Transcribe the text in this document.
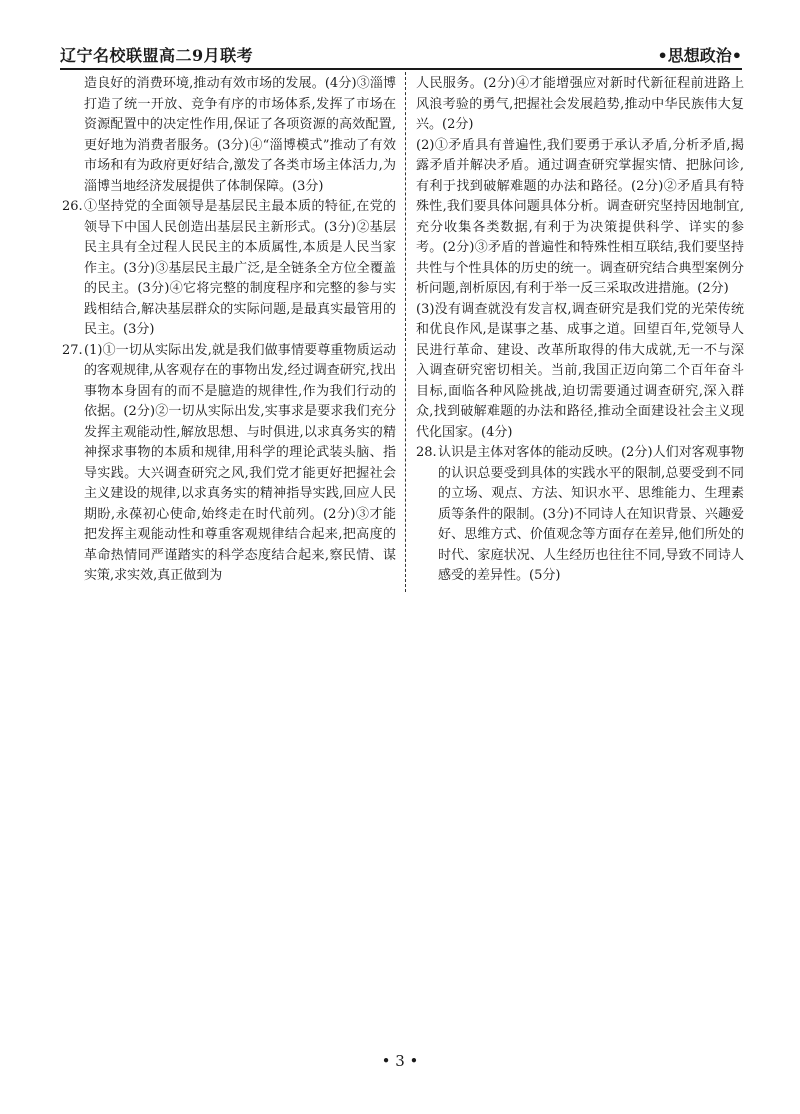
辽宁名校联盟高二9月联考	•思想政治•

造良好的消费环境,推动有效市场的发展。(4分)③淄博打造了统一开放、竞争有序的市场体系,发挥了市场在资源配置中的决定性作用,保证了各项资源的高效配置,更好地为消费者服务。(3分)④“淄博模式”推动了有效市场和有为政府更好结合,激发了各类市场主体活力,为淄博当地经济发展提供了体制保障。(3分)

26. ①坚持党的全面领导是基层民主最本质的特征,在党的领导下中国人民创造出基层民主新形式。(3分)②基层民主具有全过程人民民主的本质属性,本质是人民当家作主。(3分)③基层民主最广泛,是全链条全方位全覆盖的民主。(3分)④它将完整的制度程序和完整的参与实践相结合,解决基层群众的实际问题,是最真实最管用的民主。(3分)
27. (1)①一切从实际出发,就是我们做事情要尊重物质运动的客观规律,从客观存在的事物出发,经过调查研究,找出事物本身固有的而不是臆造的规律性,作为我们行动的依据。(2分)②一切从实际出发,实事求是要求我们充分发挥主观能动性,解放思想、与时俱进,以求真务实的精神探求事物的本质和规律,用科学的理论武装头脑、指导实践。大兴调查研究之风,我们党才能更好把握社会主义建设的规律,以求真务实的精神指导实践,回应人民期盼,永葆初心使命,始终走在时代前列。(2分)③才能把发挥主观能动性和尊重客观规律结合起来,把高度的革命热情同严谨踏实的科学态度结合起来,察民情、谋实策,求实效,真正做到为

人民服务。(2分)④才能增强应对新时代新征程前进路上风浪考验的勇气,把握社会发展趋势,推动中华民族伟大复兴。(2分)

(2)①矛盾具有普遍性,我们要勇于承认矛盾,分析矛盾,揭露矛盾并解决矛盾。通过调查研究掌握实情、把脉问诊,有利于找到破解难题的办法和路径。(2分)②矛盾具有特殊性,我们要具体问题具体分析。调查研究坚持因地制宜,充分收集各类数据,有利于为决策提供科学、详实的参考。(2分)③矛盾的普遍性和特殊性相互联结,我们要坚持共性与个性具体的历史的统一。调查研究结合典型案例分析问题,剖析原因,有利于举一反三采取改进措施。(2分)

(3)没有调查就没有发言权,调查研究是我们党的光荣传统和优良作风,是谋事之基、成事之道。回望百年,党领导人民进行革命、建设、改革所取得的伟大成就,无一不与深入调查研究密切相关。当前,我国正迈向第二个百年奋斗目标,面临各种风险挑战,迫切需要通过调查研究,深入群众,找到破解难题的办法和路径,推动全面建设社会主义现代化国家。(4分)

28. 认识是主体对客体的能动反映。(2分)人们对客观事物的认识总要受到具体的实践水平的限制,总要受到不同的立场、观点、方法、知识水平、思维能力、生理素质等条件的限制。(3分)不同诗人在知识背景、兴趣爱好、思维方式、价值观念等方面存在差异,他们所处的时代、家庭状况、人生经历也往往不同,导致不同诗人感受的差异性。(5分)
• 3 •
